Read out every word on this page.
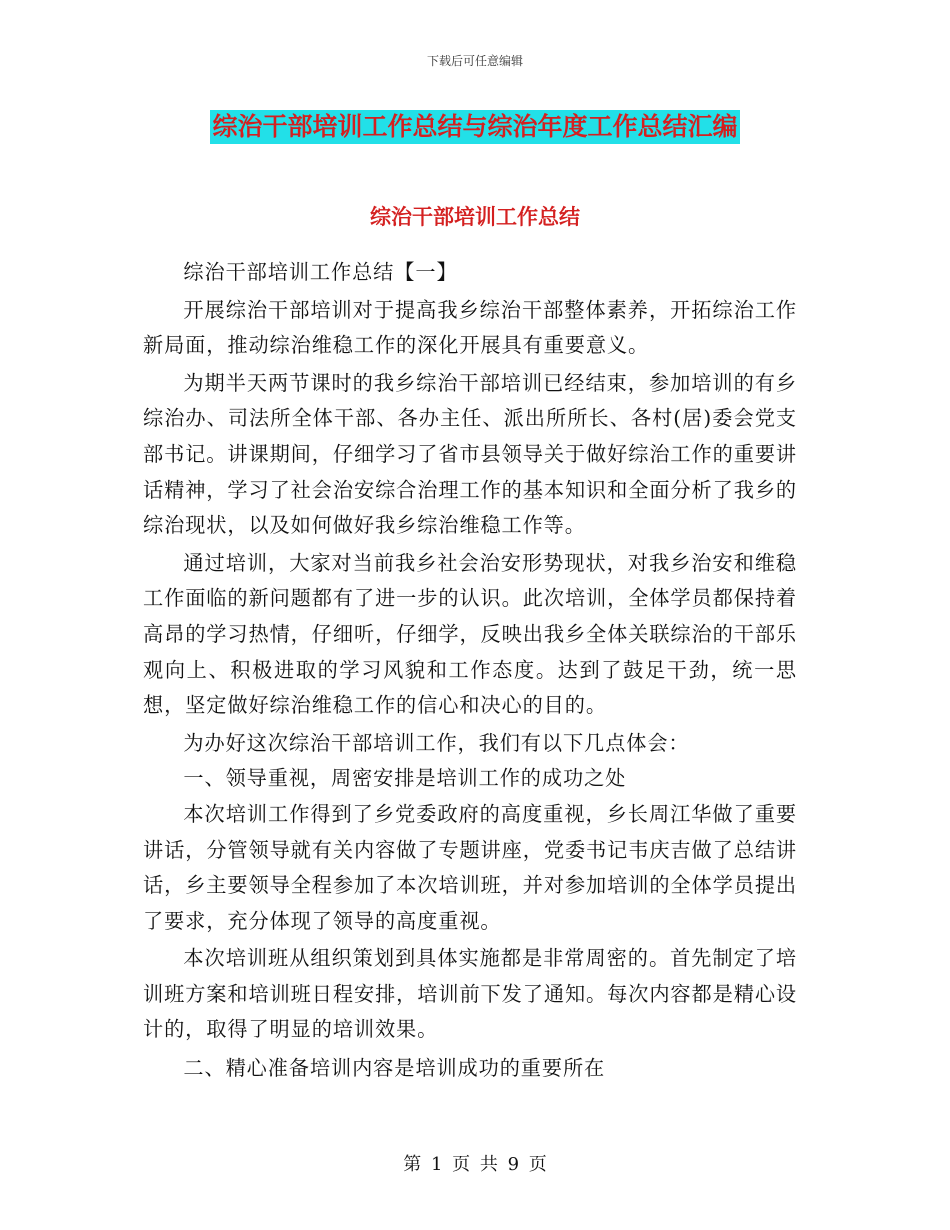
下载后可任意编辑
综治干部培训工作总结与综治年度工作总结汇编
综治干部培训工作总结

综治干部培训工作总结【一】

开展综治干部培训对于提高我乡综治干部整体素养，开拓综治工作新局面，推动综治维稳工作的深化开展具有重要意义。

为期半天两节课时的我乡综治干部培训已经结束，参加培训的有乡综治办、司法所全体干部、各办主任、派出所所长、各村(居)委会党支部书记。讲课期间，仔细学习了省市县领导关于做好综治工作的重要讲话精神，学习了社会治安综合治理工作的基本知识和全面分析了我乡的综治现状，以及如何做好我乡综治维稳工作等。

通过培训，大家对当前我乡社会治安形势现状，对我乡治安和维稳工作面临的新问题都有了进一步的认识。此次培训，全体学员都保持着高昂的学习热情，仔细听，仔细学，反映出我乡全体关联综治的干部乐观向上、积极进取的学习风貌和工作态度。达到了鼓足干劲，统一思想，坚定做好综治维稳工作的信心和决心的目的。

为办好这次综治干部培训工作，我们有以下几点体会：

一、领导重视，周密安排是培训工作的成功之处

本次培训工作得到了乡党委政府的高度重视，乡长周江华做了重要讲话，分管领导就有关内容做了专题讲座，党委书记韦庆吉做了总结讲话，乡主要领导全程参加了本次培训班，并对参加培训的全体学员提出了要求，充分体现了领导的高度重视。

本次培训班从组织策划到具体实施都是非常周密的。首先制定了培训班方案和培训班日程安排，培训前下发了通知。每次内容都是精心设计的，取得了明显的培训效果。

二、精心准备培训内容是培训成功的重要所在

第 1 页 共 9 页
